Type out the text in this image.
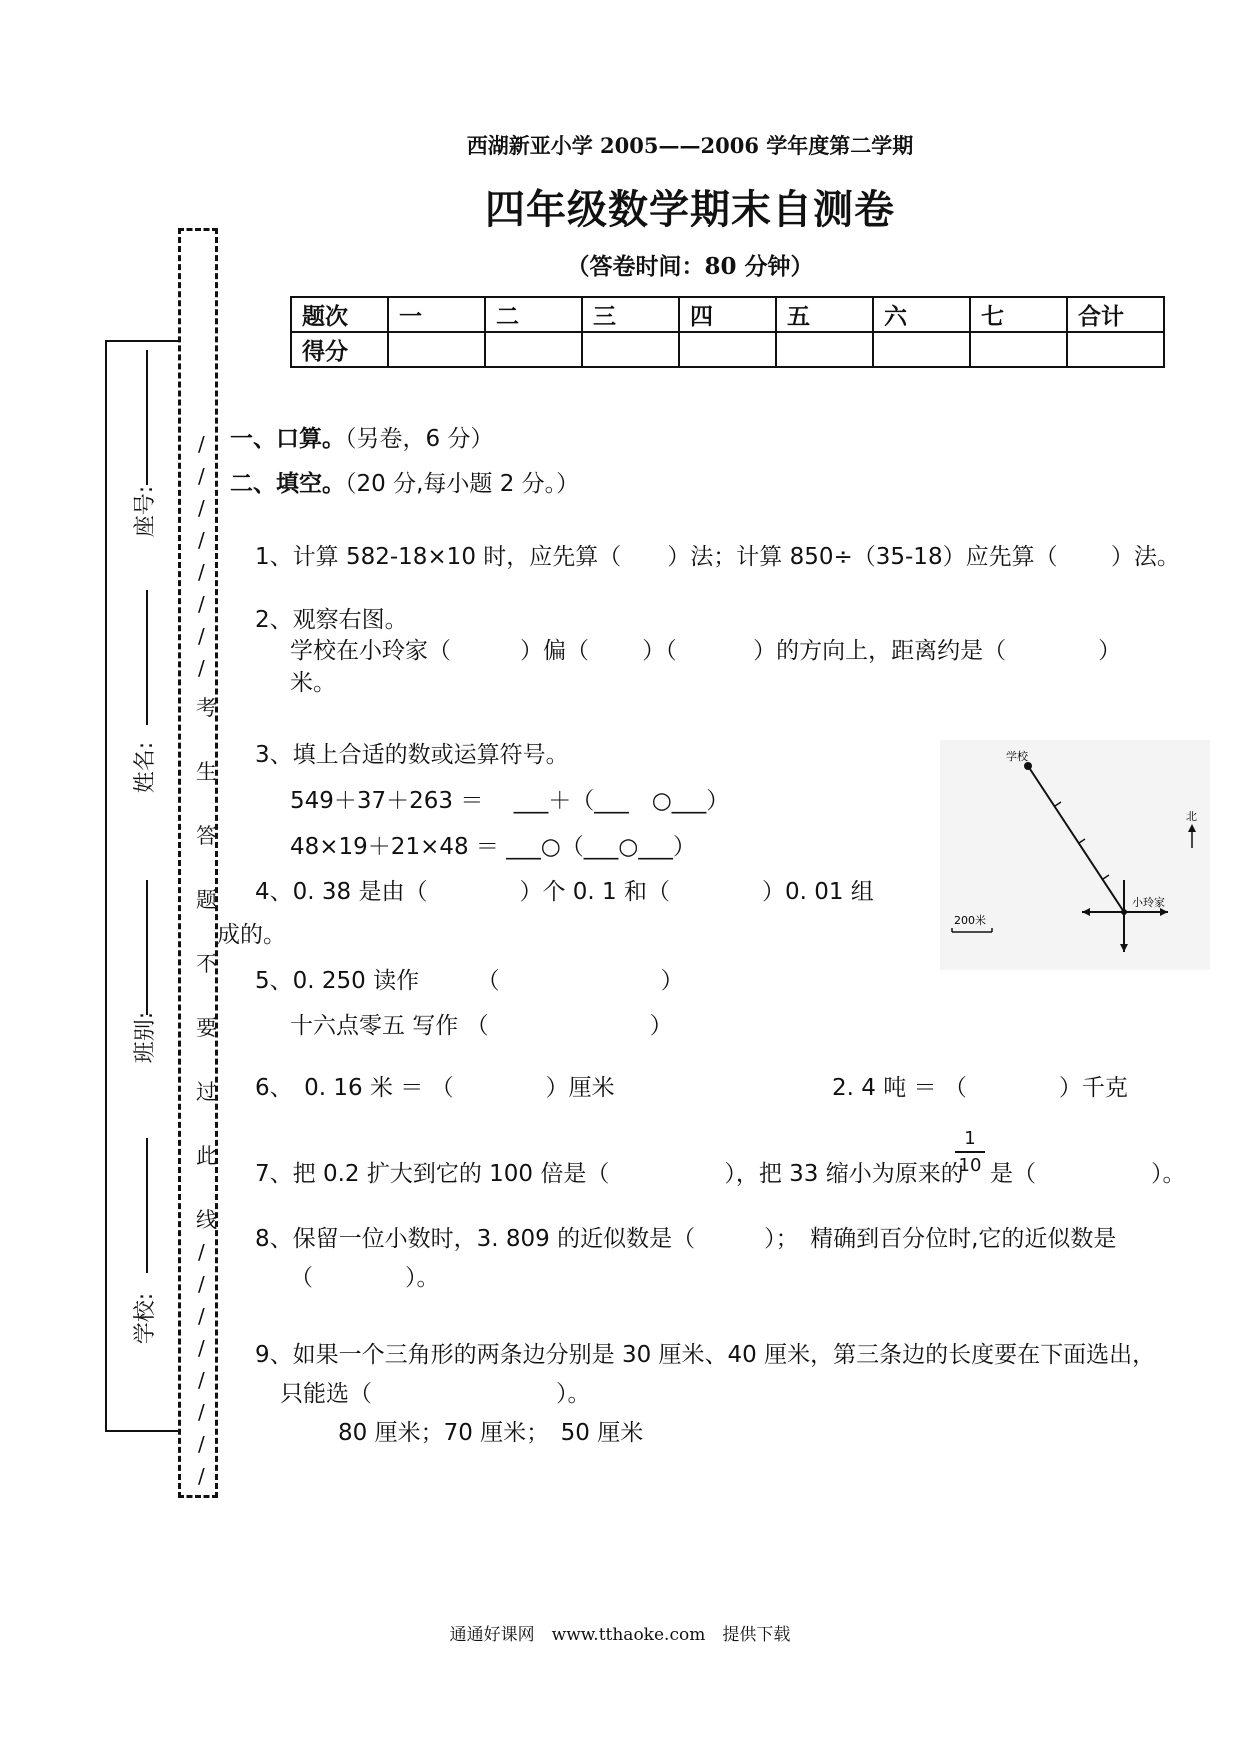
西湖新亚小学 2005——2006 学年度第二学期
四年级数学期末自测卷
（答卷时间：80 分钟）
题次	一	二	三	四	五	六	七	合计
得分								
座号:
姓名:
班别:
学校:
/
/
/
/
/
/
/
/
考
生
答
题
不
要
过
此
线
/
/
/
/
/
/
/
/
一、口算。（另卷，6 分）
二、填空。（20 分,每小题 2 分。）
1、计算 582-18×10 时，应先算（　　）法；计算 850÷（35-18）应先算（　　 ）法。
2、观察右图。
学校在小玲家（　　　）偏（　　 ）（　　　 ）的方向上，距离约是（　　　　）
米。
3、填上合适的数或运算符号。
549＋37＋263 ＝　 ___＋（___　○___）
48×19＋21×48 ＝ ___○（___○___）
4、0. 38 是由（　　　　）个 0. 1 和（　　　　）0. 01 组
成的。
5、0. 250 读作　　　（　　　　　　　）
十六点零五 写作 （　　　　　　　）
6、　0. 16 米 ＝ （　　　　）厘米	2. 4 吨 ＝ （　　　　）千克
7、把 0.2 扩大到它的 100 倍是（　　　　　），把 33 缩小为原来的
1
10 是（　　　　　）。
8、保留一位小数时，3. 809 的近似数是（　　　）；　精确到百分位时,它的近似数是
（　　　　）。
9、如果一个三角形的两条边分别是 30 厘米、40 厘米，第三条边的长度要在下面选出，
只能选（　　　　　　　　）。
80 厘米；70 厘米；　50 厘米
学校
小玲家
北
200米
通通好课网　www.tthaoke.com　提供下载
